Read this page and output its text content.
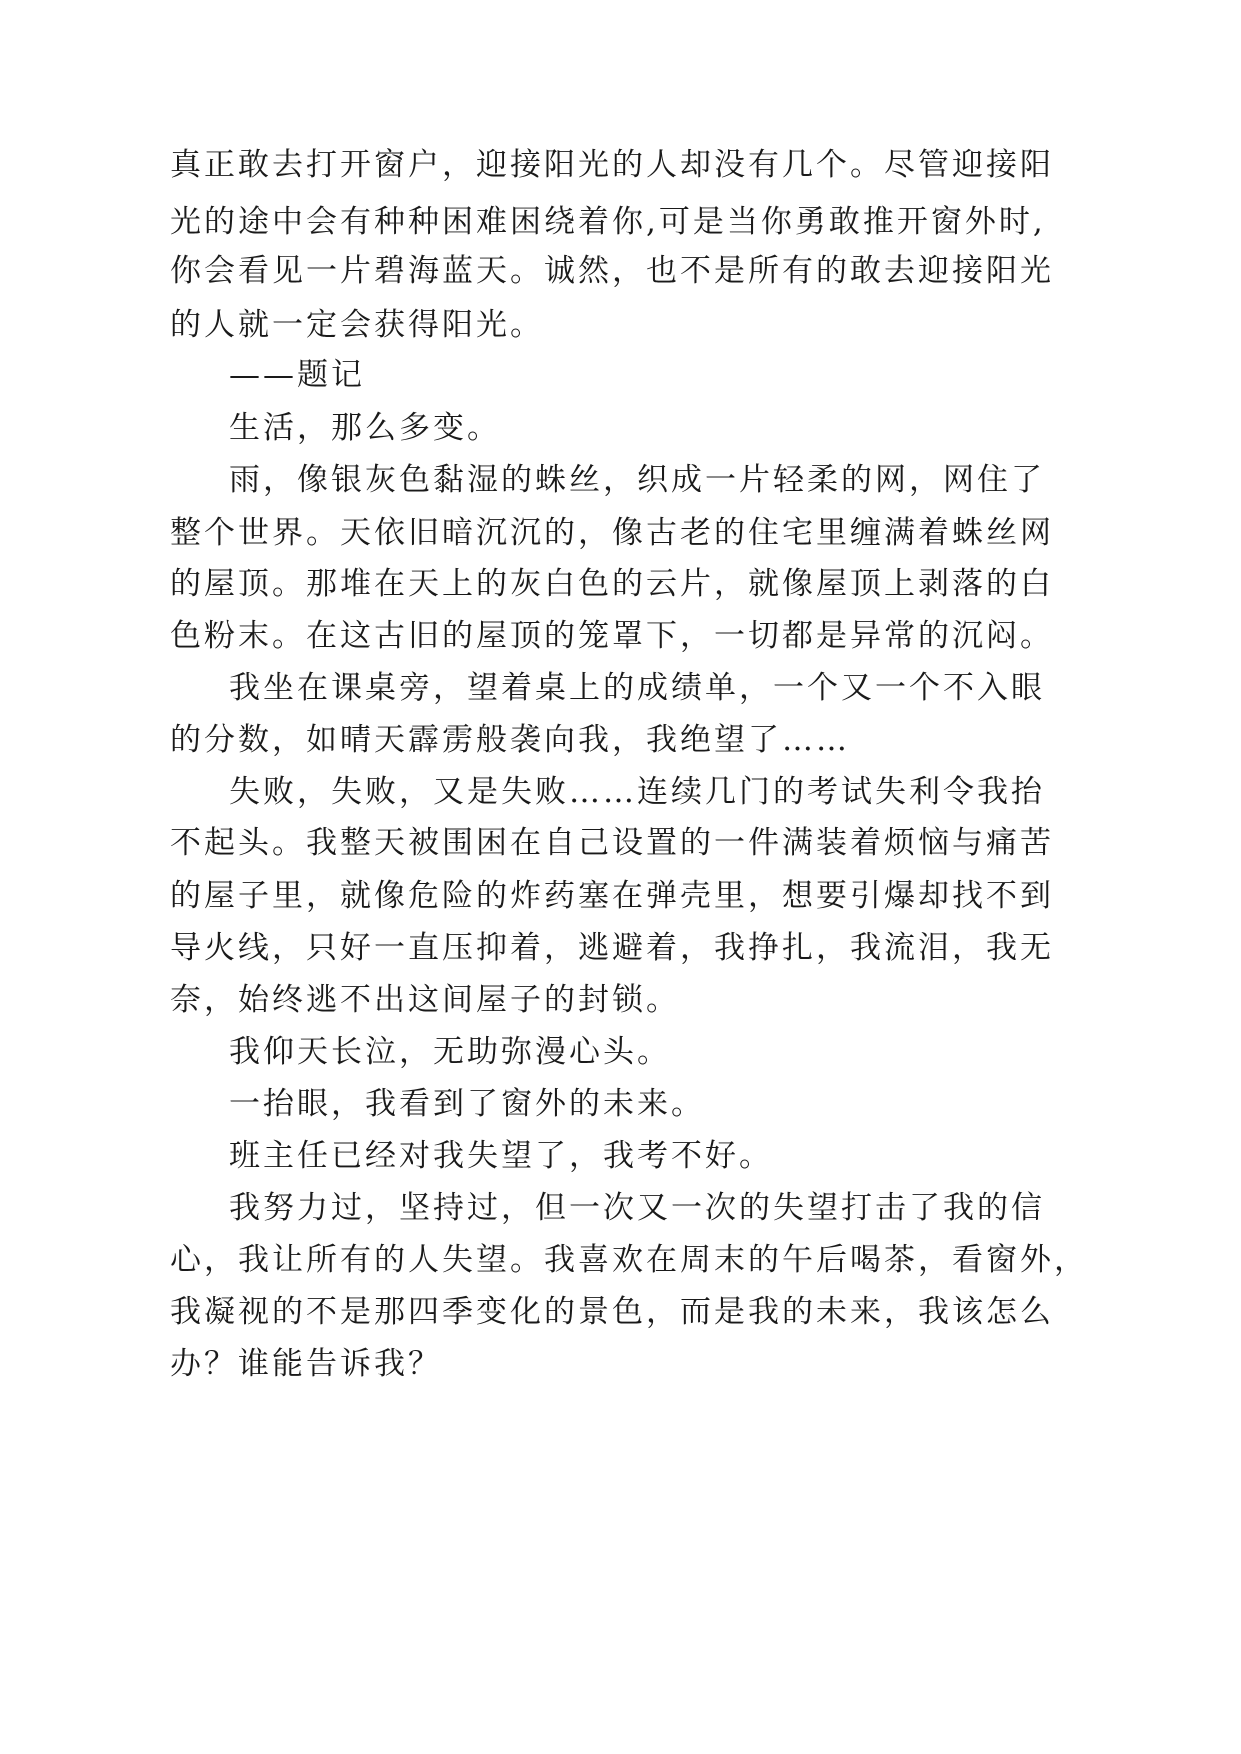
真正敢去打开窗户，迎接阳光的人却没有几个。尽管迎接阳
光的途中会有种种困难困绕着你,可是当你勇敢推开窗外时,
你会看见一片碧海蓝天。诚然，也不是所有的敢去迎接阳光
的人就一定会获得阳光。
——题记
生活，那么多变。
雨，像银灰色黏湿的蛛丝，织成一片轻柔的网，网住了
整个世界。天依旧暗沉沉的，像古老的住宅里缠满着蛛丝网
的屋顶。那堆在天上的灰白色的云片，就像屋顶上剥落的白
色粉末。在这古旧的屋顶的笼罩下，一切都是异常的沉闷。
我坐在课桌旁，望着桌上的成绩单，一个又一个不入眼
的分数，如晴天霹雳般袭向我，我绝望了……
失败，失败，又是失败……连续几门的考试失利令我抬
不起头。我整天被围困在自己设置的一件满装着烦恼与痛苦
的屋子里，就像危险的炸药塞在弹壳里，想要引爆却找不到
导火线，只好一直压抑着，逃避着，我挣扎，我流泪，我无
奈，始终逃不出这间屋子的封锁。
我仰天长泣，无助弥漫心头。
一抬眼，我看到了窗外的未来。
班主任已经对我失望了，我考不好。
我努力过，坚持过，但一次又一次的失望打击了我的信
心，我让所有的人失望。我喜欢在周末的午后喝茶，看窗外，
我凝视的不是那四季变化的景色，而是我的未来，我该怎么
办？谁能告诉我？
